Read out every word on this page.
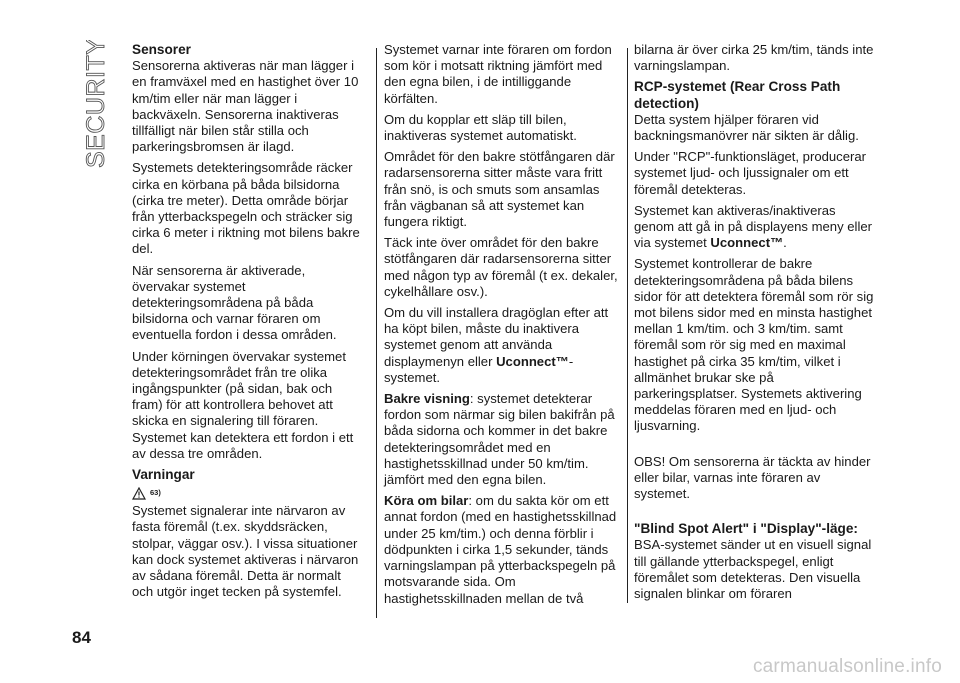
SECURITY Sensorer

Sensorerna aktiveras när man lägger i en framväxel med en hastighet över 10 km/tim eller när man lägger i backväxeln. Sensorerna inaktiveras tillfälligt när bilen står stilla och parkeringsbromsen är ilagd.

Systemets detekteringsområde räcker cirka en körbana på båda bilsidorna (cirka tre meter). Detta område börjar från ytterbackspegeln och sträcker sig cirka 6 meter i riktning mot bilens bakre del.

När sensorerna är aktiverade, övervakar systemet detekteringsområdena på båda bilsidorna och varnar föraren om eventuella fordon i dessa områden.

Under körningen övervakar systemet detekteringsområdet från tre olika ingångspunkter (på sidan, bak och fram) för att kontrollera behovet att skicka en signalering till föraren. Systemet kan detektera ett fordon i ett av dessa tre områden.

Varningar

63)

Systemet signalerar inte närvaron av fasta föremål (t.ex. skyddsräcken, stolpar, väggar osv.). I vissa situationer kan dock systemet aktiveras i närvaron av sådana föremål. Detta är normalt och utgör inget tecken på systemfel.

Systemet varnar inte föraren om fordon som kör i motsatt riktning jämfört med den egna bilen, i de intilliggande körfälten.

Om du kopplar ett släp till bilen, inaktiveras systemet automatiskt.

Området för den bakre stötfångaren där radarsensorerna sitter måste vara fritt från snö, is och smuts som ansamlas från vägbanan så att systemet kan fungera riktigt.

Täck inte över området för den bakre stötfångaren där radarsensorerna sitter med någon typ av föremål (t ex. dekaler, cykelhållare osv.).

Om du vill installera dragöglan efter att ha köpt bilen, måste du inaktivera systemet genom att använda displaymenyn eller Uconnect™-systemet.

Bakre visning: systemet detekterar fordon som närmar sig bilen bakifrån på båda sidorna och kommer in det bakre detekteringsområdet med en hastighetsskillnad under 50 km/tim. jämfört med den egna bilen.

Köra om bilar: om du sakta kör om ett annat fordon (med en hastighetsskillnad under 25 km/tim.) och denna förblir i dödpunkten i cirka 1,5 sekunder, tänds varningslampan på ytterbackspegeln på motsvarande sida. Om hastighetsskillnaden mellan de två

bilarna är över cirka 25 km/tim, tänds inte varningslampan.

RCP-systemet (Rear Cross Path detection)

Detta system hjälper föraren vid backningsmanövrer när sikten är dålig.

Under "RCP"-funktionsläget, producerar systemet ljud- och ljussignaler om ett föremål detekteras.

Systemet kan aktiveras/inaktiveras genom att gå in på displayens meny eller via systemet Uconnect™.

Systemet kontrollerar de bakre detekteringsområdena på båda bilens sidor för att detektera föremål som rör sig mot bilens sidor med en minsta hastighet mellan 1 km/tim. och 3 km/tim. samt föremål som rör sig med en maximal hastighet på cirka 35 km/tim, vilket i allmänhet brukar ske på parkeringsplatser. Systemets aktivering meddelas föraren med en ljud- och ljusvarning.

OBS! Om sensorerna är täckta av hinder eller bilar, varnas inte föraren av systemet.

"Blind Spot Alert" i "Display"-läge:

BSA-systemet sänder ut en visuell signal till gällande ytterbackspegel, enligt föremålet som detekteras. Den visuella signalen blinkar om föraren

84
carmanualsonline.info
